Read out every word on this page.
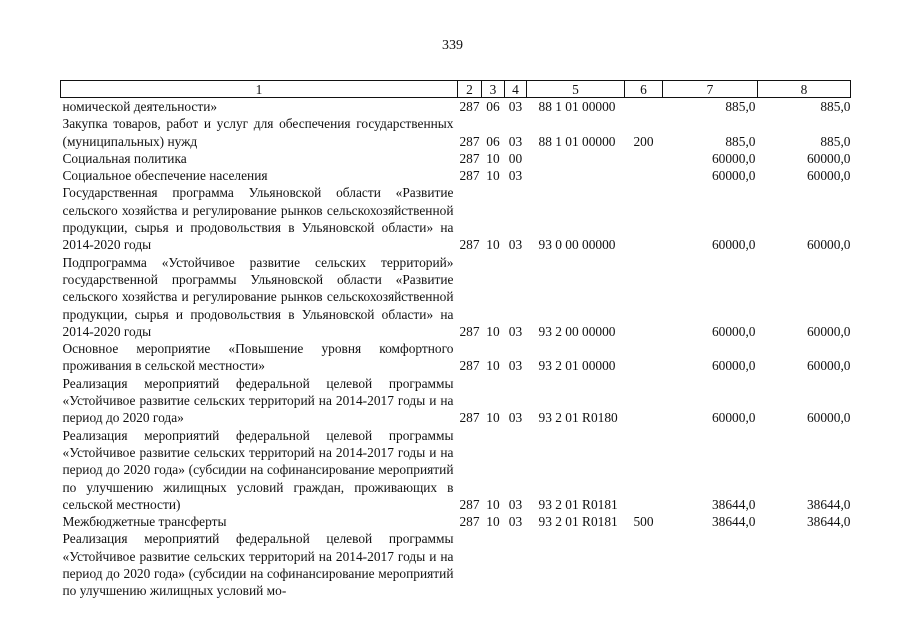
339
1	2	3	4	5	6	7	8
номической деятельности»	287	06	03	88 1 01 00000		885,0	885,0
Закупка товаров, работ и услуг для обеспечения государственных (муниципальных) нужд	287	06	03	88 1 01 00000	200	885,0	885,0
Социальная политика	287	10	00			60000,0	60000,0
Социальное обеспечение населения	287	10	03			60000,0	60000,0
Государственная программа Ульяновской области «Развитие сельского хозяйства и регулирование рынков сельскохозяйственной продукции, сырья и продовольствия в Ульяновской области» на 2014-2020 годы	287	10	03	93 0 00 00000		60000,0	60000,0
Подпрограмма «Устойчивое развитие сельских территорий» государственной программы Ульяновской области «Развитие сельского хозяйства и регулирование рынков сельскохозяйственной продукции, сырья и продовольствия в Ульяновской области» на 2014-2020 годы	287	10	03	93 2 00 00000		60000,0	60000,0
Основное мероприятие «Повышение уровня комфортного проживания в сельской местности»	287	10	03	93 2 01 00000		60000,0	60000,0
Реализация мероприятий федеральной целевой программы «Устойчивое развитие сельских территорий на 2014-2017 годы и на период до 2020 года»	287	10	03	93 2 01 R0180		60000,0	60000,0
Реализация мероприятий федеральной целевой программы «Устойчивое развитие сельских территорий на 2014-2017 годы и на период до 2020 года» (субсидии на софинансирование мероприятий по улучшению жилищных условий граждан, проживающих в сельской местности)	287	10	03	93 2 01 R0181		38644,0	38644,0
Межбюджетные трансферты	287	10	03	93 2 01 R0181	500	38644,0	38644,0
Реализация мероприятий федеральной целевой программы «Устойчивое развитие сельских территорий на 2014-2017 годы и на период до 2020 года» (субсидии на софинансирование мероприятий по улучшению жилищных условий мо-							
